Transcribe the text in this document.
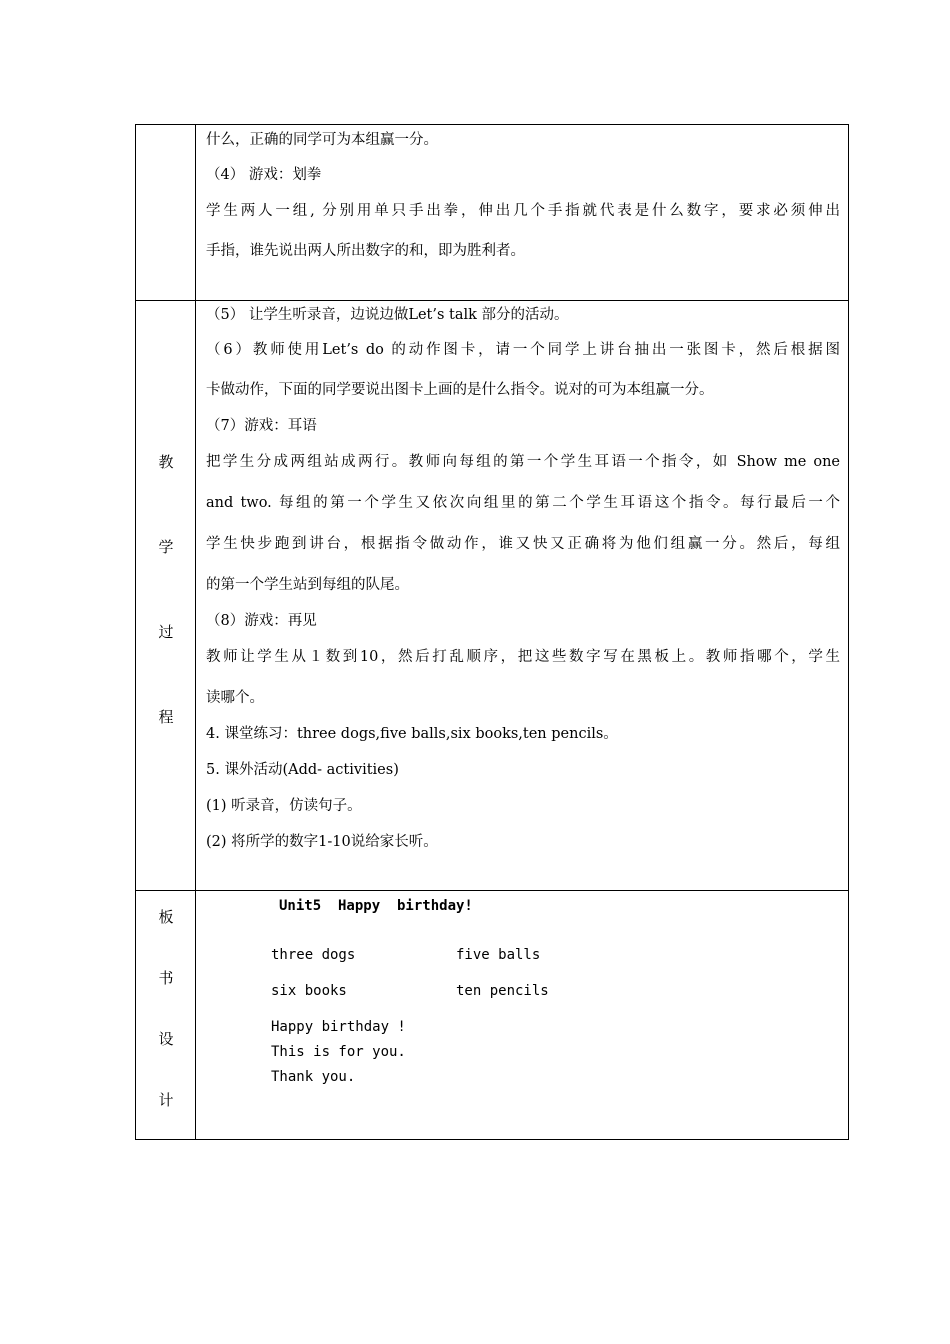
什么，正确的同学可为本组赢一分。
（4） 游戏：划拳
学生两人一组, 分别用单只手出拳，伸出几个手指就代表是什么数字，要求必须伸出
手指，谁先说出两人所出数字的和，即为胜利者。
教
学
过
程
（5） 让学生听录音，边说边做Let’s talk 部分的活动。
（6）教师使用Let’s do 的动作图卡，请一个同学上讲台抽出一张图卡，然后根据图
卡做动作，下面的同学要说出图卡上画的是什么指令。说对的可为本组赢一分。
（7）游戏：耳语
把学生分成两组站成两行。教师向每组的第一个学生耳语一个指令，如 Show me one
and two. 每组的第一个学生又依次向组里的第二个学生耳语这个指令。每行最后一个
学生快步跑到讲台，根据指令做动作，谁又快又正确将为他们组赢一分。然后，每组
的第一个学生站到每组的队尾。
（8）游戏：再见
教师让学生从１数到10，然后打乱顺序，把这些数字写在黑板上。教师指哪个，学生
读哪个。
4. 课堂练习：three dogs,five balls,six books,ten pencils。
5. 课外活动(Add- activities)
(1) 听录音，仿读句子。
(2) 将所学的数字1-10说给家长听。
板
书
设
计
Unit5  Happy  birthday!
three dogs	five balls
six books	ten pencils
Happy birthday !
This is for you.
Thank you.
